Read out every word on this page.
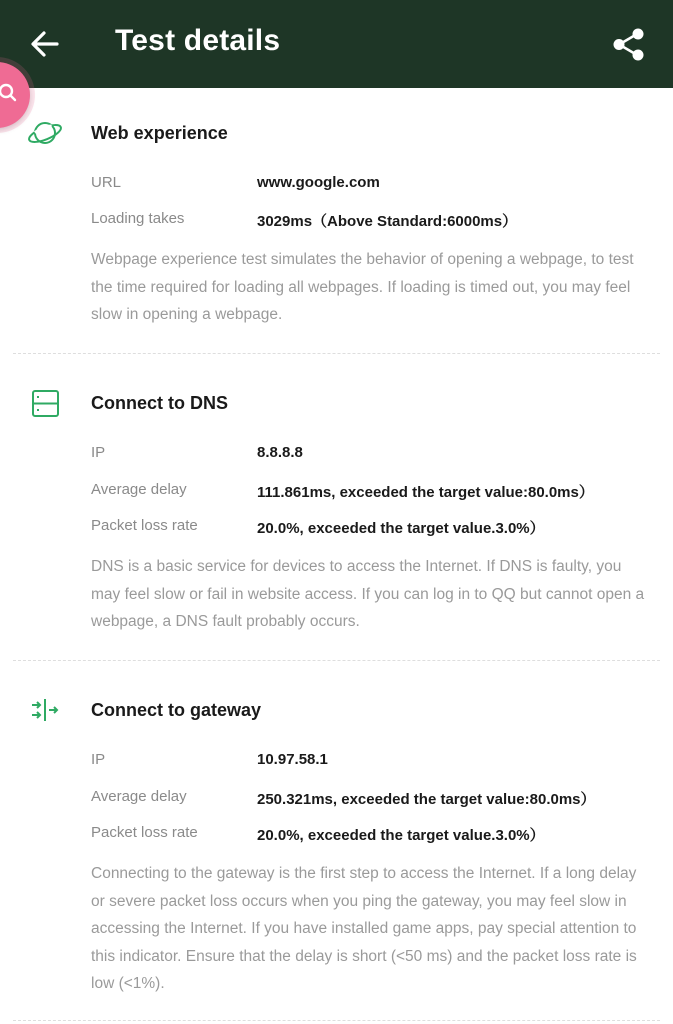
Test details
Web experience
URL	www.google.com
Loading takes	3029ms（Above Standard:6000ms）
Webpage experience test simulates the behavior of opening a webpage, to test the time required for loading all webpages. If loading is timed out, you may feel slow in opening a webpage.
Connect to DNS
IP	8.8.8.8
Average delay	111.861ms, exceeded the target value:80.0ms）
Packet loss rate	20.0%, exceeded the target value.3.0%）
DNS is a basic service for devices to access the Internet. If DNS is faulty, you may feel slow or fail in website access. If you can log in to QQ but cannot open a webpage, a DNS fault probably occurs.
Connect to gateway
IP	10.97.58.1
Average delay	250.321ms, exceeded the target value:80.0ms）
Packet loss rate	20.0%, exceeded the target value.3.0%）
Connecting to the gateway is the first step to access the Internet. If a long delay or severe packet loss occurs when you ping the gateway, you may feel slow in accessing the Internet. If you have installed game apps, pay special attention to this indicator. Ensure that the delay is short (<50 ms) and the packet loss rate is low (<1%).
